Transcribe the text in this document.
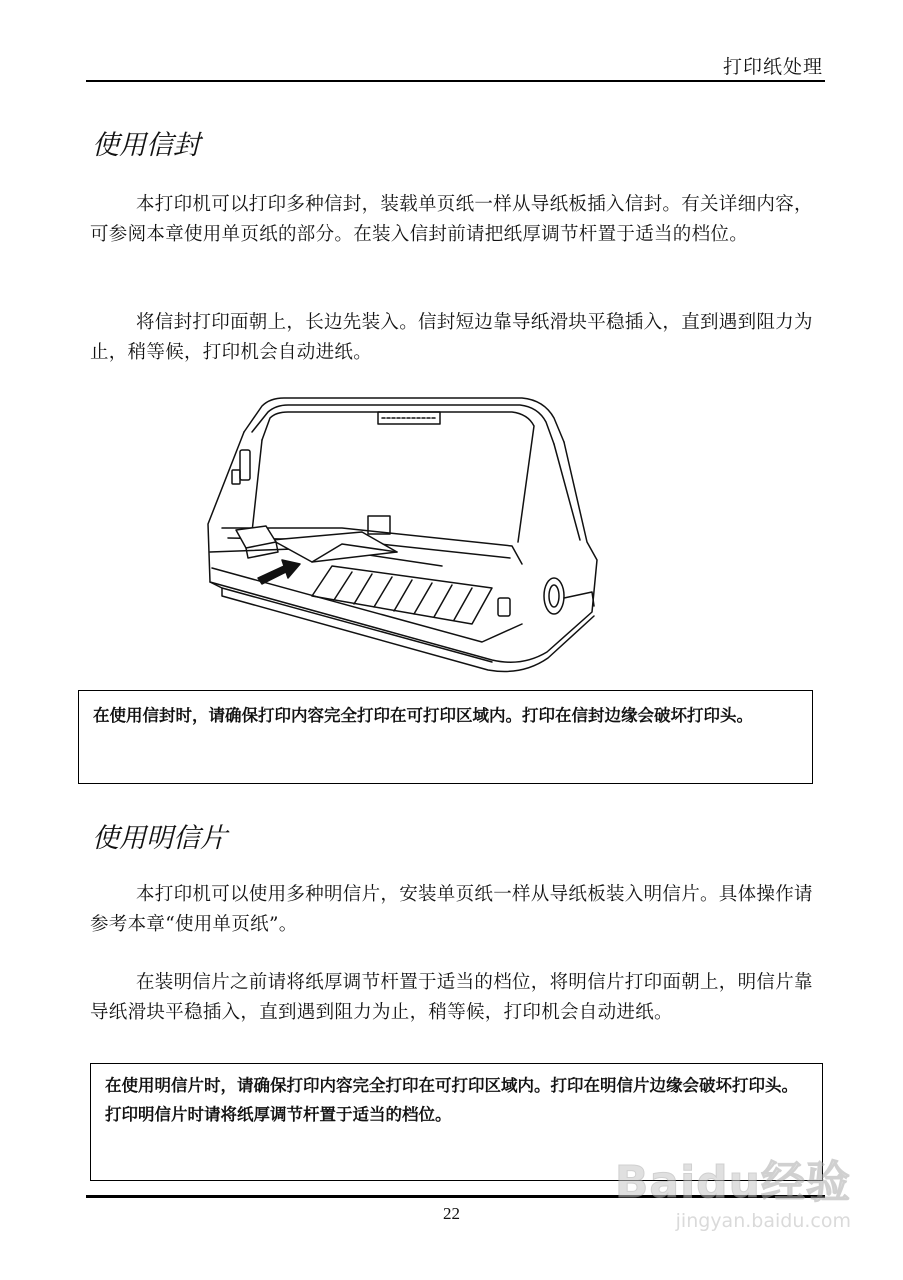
打印纸处理
使用信封

本打印机可以打印多种信封，装载单页纸一样从导纸板插入信封。有关详细内容，可参阅本章使用单页纸的部分。在装入信封前请把纸厚调节杆置于适当的档位。

将信封打印面朝上，长边先装入。信封短边靠导纸滑块平稳插入，直到遇到阻力为止，稍等候，打印机会自动进纸。

在使用信封时，请确保打印内容完全打印在可打印区域内。打印在信封边缘会破坏打印头。
使用明信片

本打印机可以使用多种明信片，安装单页纸一样从导纸板装入明信片。具体操作请参考本章“使用单页纸”。

在装明信片之前请将纸厚调节杆置于适当的档位，将明信片打印面朝上，明信片靠导纸滑块平稳插入，直到遇到阻力为止，稍等候，打印机会自动进纸。

在使用明信片时，请确保打印内容完全打印在可打印区域内。打印在明信片边缘会破坏打印头。
打印明信片时请将纸厚调节杆置于适当的档位。
22
Baidu经验
jingyan.baidu.com
